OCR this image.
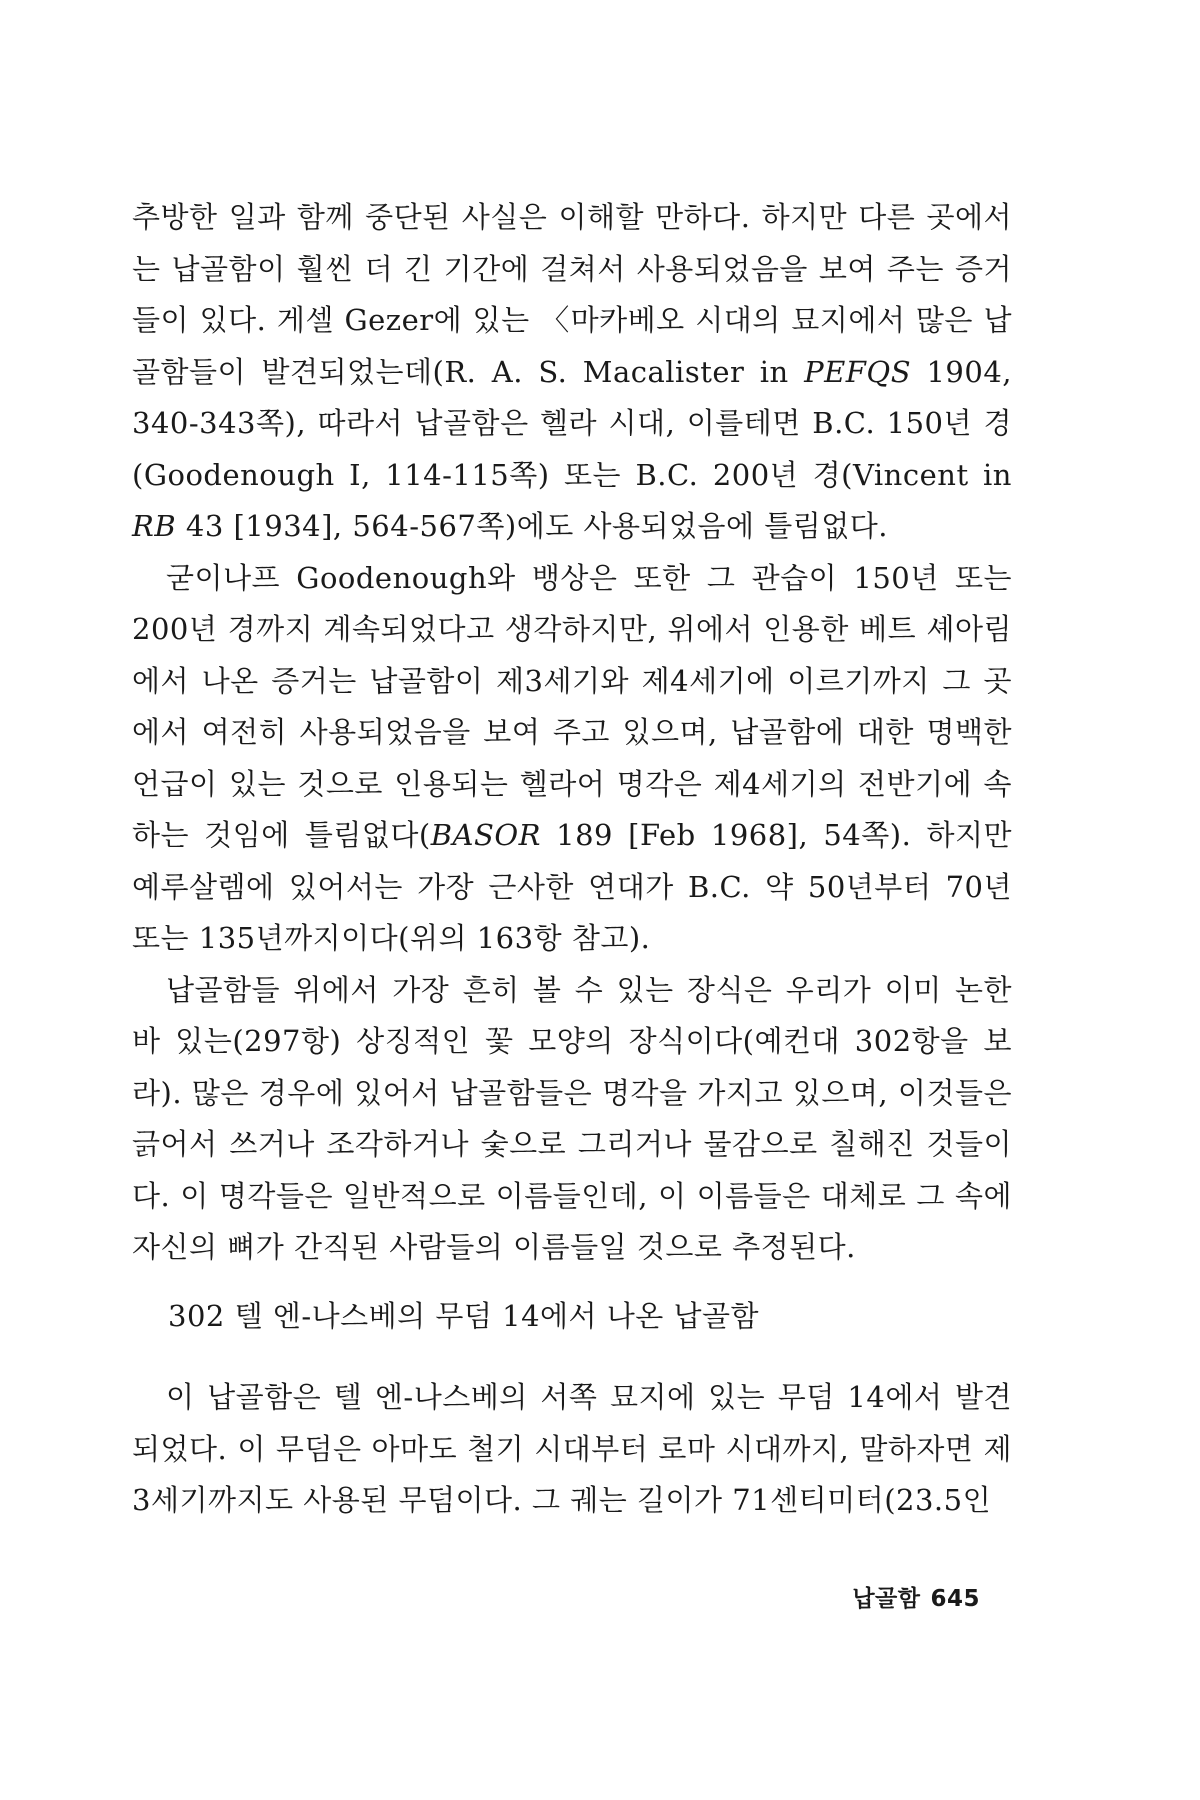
추방한 일과 함께 중단된 사실은 이해할 만하다. 하지만 다른 곳에서는 납골함이 훨씬 더 긴 기간에 걸쳐서 사용되었음을 보여 주는 증거들이 있다. 게셀 Gezer에 있는 〈마카베오 시대의 묘지에서 많은 납골함들이 발견되었는데(R. A. S. Macalister in PEFQS 1904, 340-343쪽), 따라서 납골함은 헬라 시대, 이를테면 B.C. 150년 경(Goodenough I, 114-115쪽) 또는 B.C. 200년 경(Vincent in RB 43 [1934], 564-567쪽)에도 사용되었음에 틀림없다.

굳이나프 Goodenough와 뱅상은 또한 그 관습이 150년 또는 200년 경까지 계속되었다고 생각하지만, 위에서 인용한 베트 셰아림에서 나온 증거는 납골함이 제3세기와 제4세기에 이르기까지 그 곳에서 여전히 사용되었음을 보여 주고 있으며, 납골함에 대한 명백한 언급이 있는 것으로 인용되는 헬라어 명각은 제4세기의 전반기에 속하는 것임에 틀림없다(BASOR 189 [Feb 1968], 54쪽). 하지만 예루살렘에 있어서는 가장 근사한 연대가 B.C. 약 50년부터 70년 또는 135년까지이다(위의 163항 참고).

납골함들 위에서 가장 흔히 볼 수 있는 장식은 우리가 이미 논한 바 있는(297항) 상징적인 꽃 모양의 장식이다(예컨대 302항을 보라). 많은 경우에 있어서 납골함들은 명각을 가지고 있으며, 이것들은 긁어서 쓰거나 조각하거나 숯으로 그리거나 물감으로 칠해진 것들이다. 이 명각들은 일반적으로 이름들인데, 이 이름들은 대체로 그 속에 자신의 뼈가 간직된 사람들의 이름들일 것으로 추정된다.

302 텔 엔-나스베의 무덤 14에서 나온 납골함

이 납골함은 텔 엔-나스베의 서쪽 묘지에 있는 무덤 14에서 발견되었다. 이 무덤은 아마도 철기 시대부터 로마 시대까지, 말하자면 제3세기까지도 사용된 무덤이다. 그 궤는 길이가 71센티미터(23.5인

납골함 645
